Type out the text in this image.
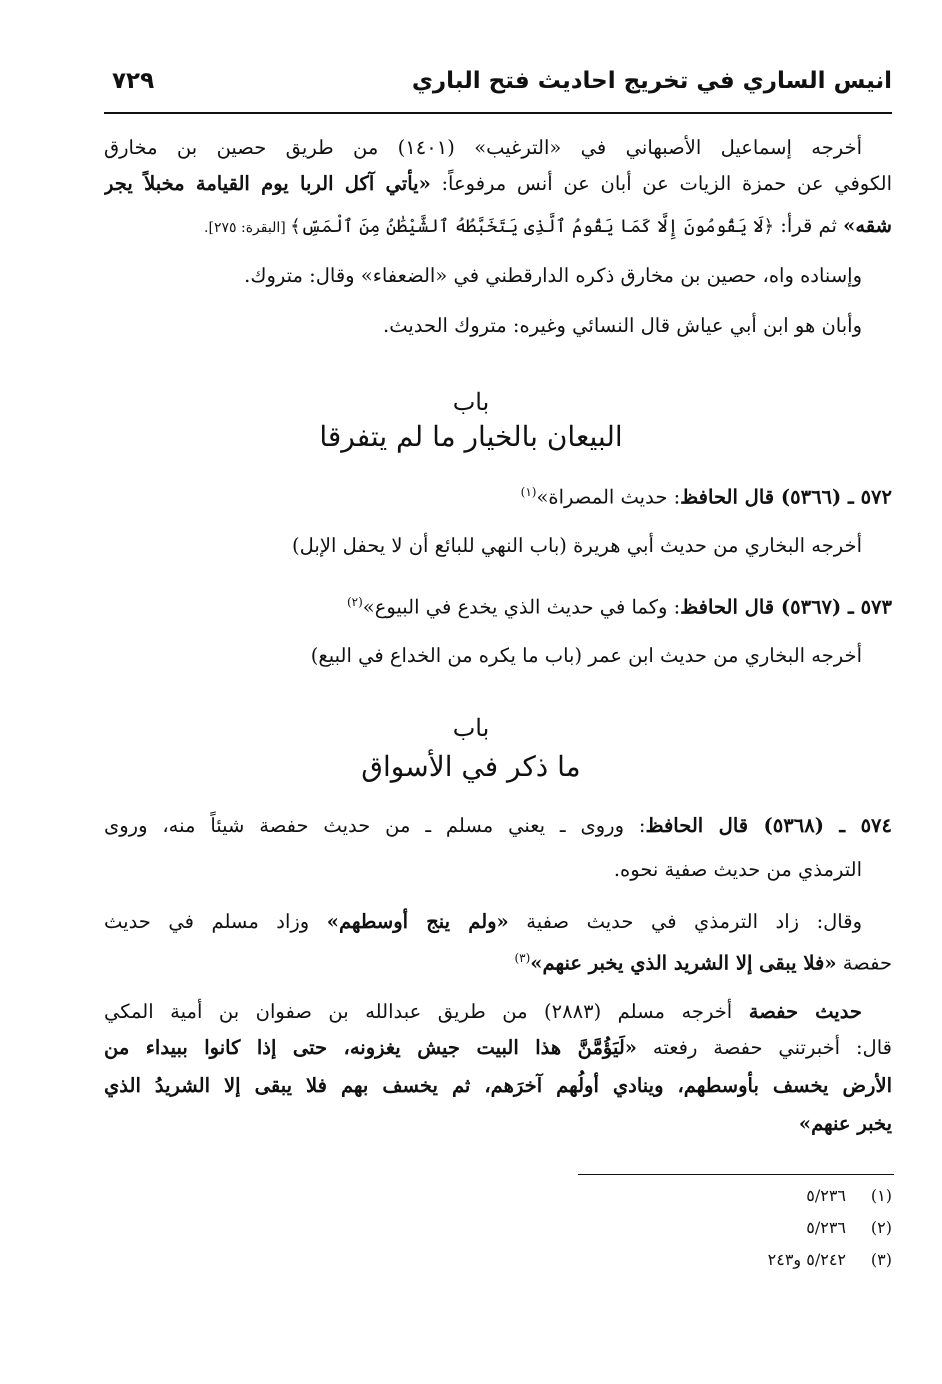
انيس الساري في تخريج احاديث فتح الباري
٧٢٩
أخرجه إسماعيل الأصبهاني في «الترغيب» (١٤٠١) من طريق حصين بن مخارق
الكوفي عن حمزة الزيات عن أبان عن أنس مرفوعاً: «يأتي آكل الربا يوم القيامة مخبلاً يجر
شقه» ثم قرأ: ﴿لَا يَقُومُونَ إِلَّا كَمَا يَقُومُ ٱلَّذِى يَتَخَبَّطُهُ ٱلشَّيْطَٰنُ مِنَ ٱلْمَسِّ﴾ [البقرة: ٢٧٥].
وإسناده واه، حصين بن مخارق ذكره الدارقطني في «الضعفاء» وقال: متروك.
وأبان هو ابن أبي عياش قال النسائي وغيره: متروك الحديث.
باب
البيعان بالخيار ما لم يتفرقا
٥٧٢ ـ (٥٣٦٦) قال الحافظ: حديث المصراة»$^{(١)}$
أخرجه البخاري من حديث أبي هريرة (باب النهي للبائع أن لا يحفل الإبل)
٥٧٣ ـ (٥٣٦٧) قال الحافظ: وكما في حديث الذي يخدع في البيوع»$^{(٢)}$
أخرجه البخاري من حديث ابن عمر (باب ما يكره من الخداع في البيع)
باب
ما ذكر في الأسواق
٥٧٤ ـ (٥٣٦٨) قال الحافظ: وروى ـ يعني مسلم ـ من حديث حفصة شيئاً منه، وروى
الترمذي من حديث صفية نحوه.
وقال: زاد الترمذي في حديث صفية «ولم ينج أوسطهم» وزاد مسلم في حديث
حفصة «فلا يبقى إلا الشريد الذي يخبر عنهم»$^{(٣)}$
حديث حفصة أخرجه مسلم (٢٨٨٣) من طريق عبدالله بن صفوان بن أمية المكي
قال: أخبرتني حفصة رفعته «لَيَؤُمَّنَّ هذا البيت جيش يغزونه، حتى إذا كانوا ببيداء من
الأرض يخسف بأوسطهم، وينادي أولُهم آخرَهم، ثم يخسف بهم فلا يبقى إلا الشريدُ الذي
يخبر عنهم»
(١)٥/٢٣٦
(٢)٥/٢٣٦
(٣)٥/٢٤٢ و٢٤٣
